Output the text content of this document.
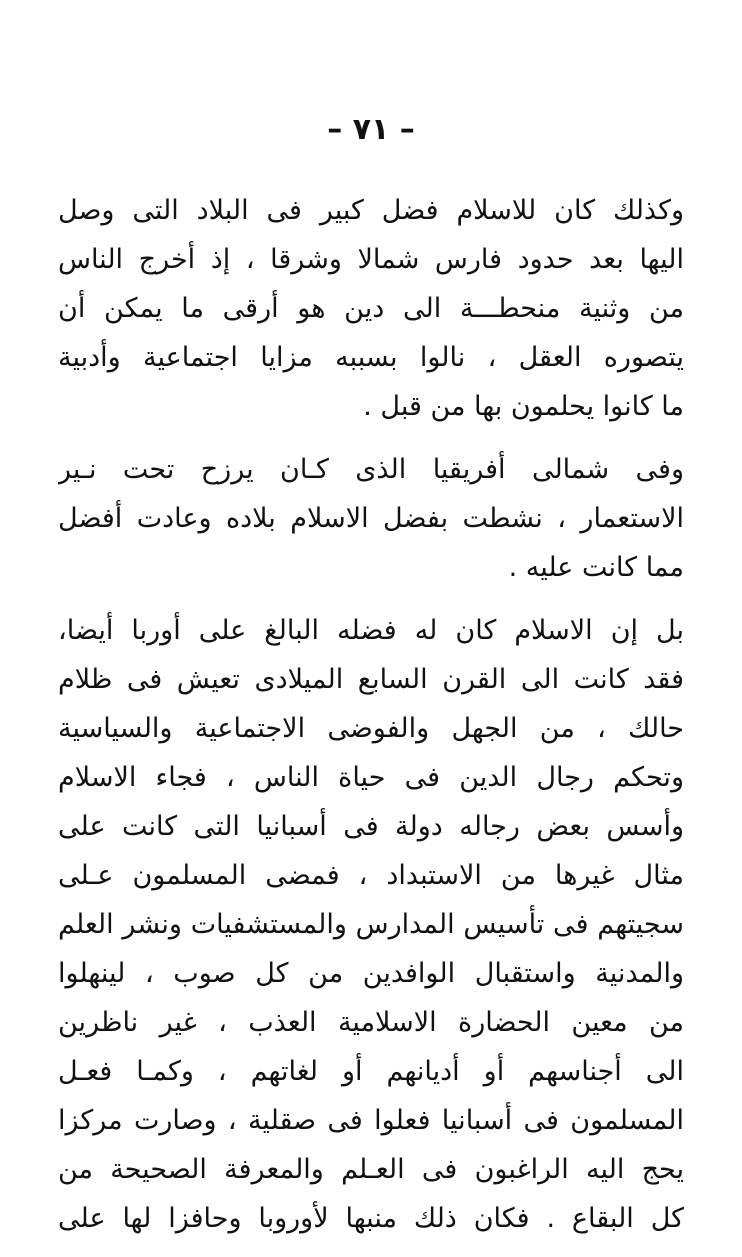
– ٧١ –
وكذلك كان للاسلام فضل كبير فى البلاد التى وصل
اليها بعد حدود فارس شمالا وشرقا ، إذ أخرج الناس
من وثنية منحطـــة الى دين هو أرقى ما يمكن أن
يتصوره العقل ، نالوا بسببه مزايا اجتماعية وأدبية
ما كانوا يحلمون بها من قبل .
وفى شمالى أفريقيا الذى كـان يرزح تحت نـير
الاستعمار ، نشطت بفضل الاسلام بلاده وعادت أفضل
مما كانت عليه .
بل إن الاسلام كان له فضله البالغ على أوربا أيضا،
فقد كانت الى القرن السابع الميلادى تعيش فى ظلام
حالك ، من الجهل والفوضى الاجتماعية والسياسية
وتحكم رجال الدين فى حياة الناس ، فجاء الاسلام
وأسس بعض رجاله دولة فى أسبانيا التى كانت على
مثال غيرها من الاستبداد ، فمضى المسلمون عـلى
سجيتهم فى تأسيس المدارس والمستشفيات ونشر العلم
والمدنية واستقبال الوافدين من كل صوب ، لينهلوا
من معين الحضارة الاسلامية العذب ، غير ناظرين
الى أجناسهم أو أديانهم أو لغاتهم ، وكمـا فعـل
المسلمون فى أسبانيا فعلوا فى صقلية ، وصارت مركزا
يحج اليه الراغبون فى العـلم والمعرفة الصحيحة من
كل البقاع . فكان ذلك منبها لأوروبا وحافزا لها على
